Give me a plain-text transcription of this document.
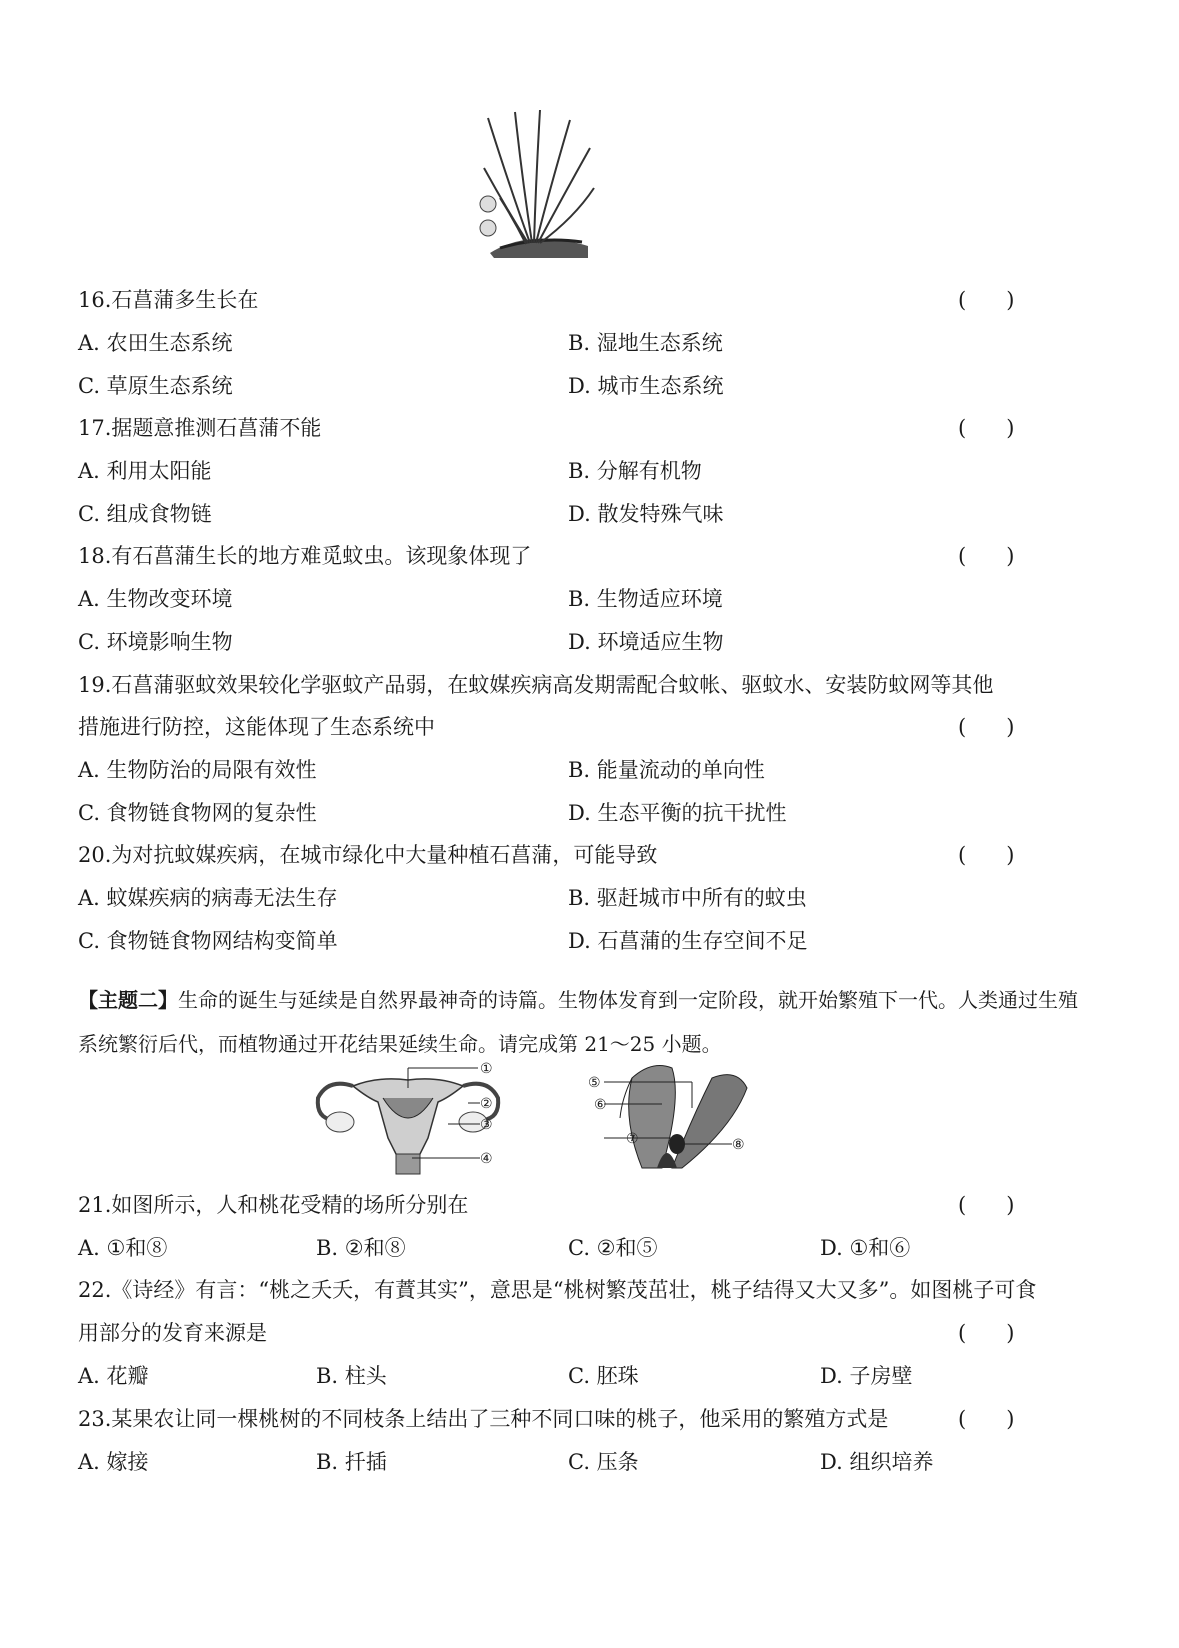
【主题二】生命的诞生与延续是自然界最神奇的诗篇。生物体发育到一定阶段，就开始繁殖下一代。人类通过生殖系统繁衍后代，而植物通过开花结果延续生命。请完成第 21～25 小题。
①
②
③
④
⑤
⑥
⑦	⑧
16.石菖蒲多生长在	(      )
A. 农田生态系统	B. 湿地生态系统
C. 草原生态系统	D. 城市生态系统
17.据题意推测石菖蒲不能	(      )
A. 利用太阳能	B. 分解有机物
C. 组成食物链	D. 散发特殊气味
18.有石菖蒲生长的地方难觅蚊虫。该现象体现了	(      )
A. 生物改变环境	B. 生物适应环境
C. 环境影响生物	D. 环境适应生物
19.石菖蒲驱蚊效果较化学驱蚊产品弱，在蚊媒疾病高发期需配合蚊帐、驱蚊水、安装防蚊网等其他
措施进行防控，这能体现了生态系统中	(      )
A. 生物防治的局限有效性	B. 能量流动的单向性
C. 食物链食物网的复杂性	D. 生态平衡的抗干扰性
20.为对抗蚊媒疾病，在城市绿化中大量种植石菖蒲，可能导致	(      )
A. 蚊媒疾病的病毒无法生存	B. 驱赶城市中所有的蚊虫
C. 食物链食物网结构变简单	D. 石菖蒲的生存空间不足
21.如图所示，人和桃花受精的场所分别在	(      )
A. ①和⑧	B. ②和⑧	C. ②和⑤	D. ①和⑥
22.《诗经》有言：“桃之夭夭，有蕡其实”，意思是“桃树繁茂茁壮，桃子结得又大又多”。如图桃子可食
用部分的发育来源是	(      )
A. 花瓣	B. 柱头	C. 胚珠	D. 子房壁
23.某果农让同一棵桃树的不同枝条上结出了三种不同口味的桃子，他采用的繁殖方式是	(      )
A. 嫁接	B. 扦插	C. 压条	D. 组织培养
